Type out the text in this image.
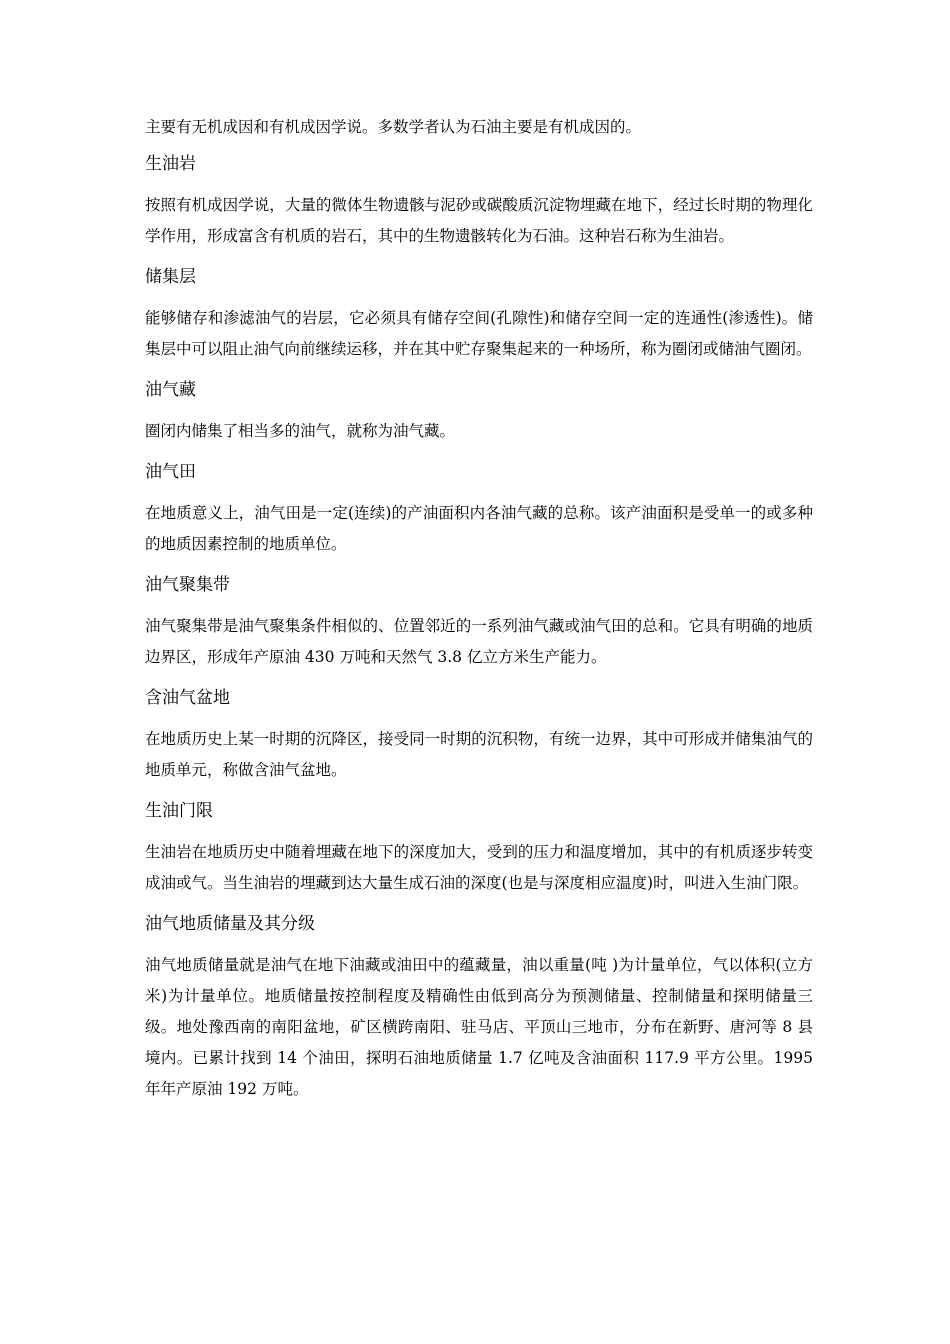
主要有无机成因和有机成因学说。多数学者认为石油主要是有机成因的。

生油岩

按照有机成因学说，大量的微体生物遗骸与泥砂或碳酸质沉淀物埋藏在地下，经过长时期的物理化学作用，形成富含有机质的岩石，其中的生物遗骸转化为石油。这种岩石称为生油岩。

储集层

能够储存和渗滤油气的岩层，它必须具有储存空间(孔隙性)和储存空间一定的连通性(渗透性)。储集层中可以阻止油气向前继续运移，并在其中贮存聚集起来的一种场所，称为圈闭或储油气圈闭。

油气藏

圈闭内储集了相当多的油气，就称为油气藏。

油气田

在地质意义上，油气田是一定(连续)的产油面积内各油气藏的总称。该产油面积是受单一的或多种的地质因素控制的地质单位。

油气聚集带

油气聚集带是油气聚集条件相似的、位置邻近的一系列油气藏或油气田的总和。它具有明确的地质边界区，形成年产原油 430 万吨和天然气 3.8 亿立方米生产能力。

含油气盆地

在地质历史上某一时期的沉降区，接受同一时期的沉积物，有统一边界，其中可形成并储集油气的地质单元，称做含油气盆地。

生油门限

生油岩在地质历史中随着埋藏在地下的深度加大，受到的压力和温度增加，其中的有机质逐步转变成油或气。当生油岩的埋藏到达大量生成石油的深度(也是与深度相应温度)时，叫进入生油门限。

油气地质储量及其分级

油气地质储量就是油气在地下油藏或油田中的蕴藏量，油以重量(吨 )为计量单位，气以体积(立方米)为计量单位。地质储量按控制程度及精确性由低到高分为预测储量、控制储量和探明储量三级。地处豫西南的南阳盆地，矿区横跨南阳、驻马店、平顶山三地市，分布在新野、唐河等 8 县境内。已累计找到 14 个油田，探明石油地质储量 1.7 亿吨及含油面积 117.9 平方公里。1995 年年产原油 192 万吨。
